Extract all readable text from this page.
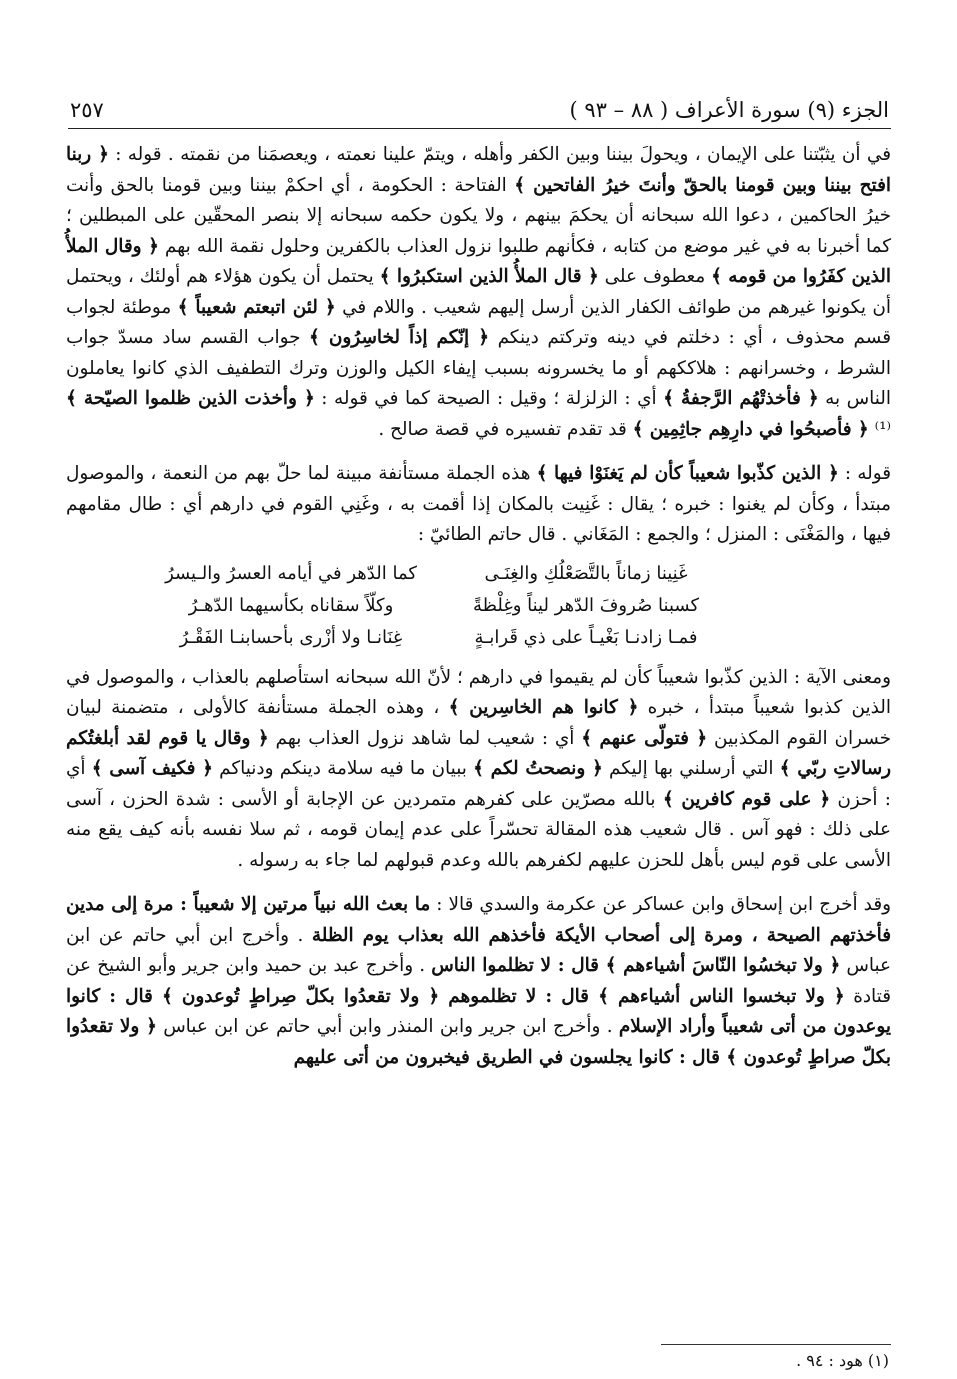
الجزء (٩) سورة الأعراف ( ٨٨ – ٩٣ )
٢٥٧

في أن يثبّتنا على الإيمان ، ويحولَ بيننا وبين الكفر وأهله ، ويتمّ علينا نعمته ، ويعصمَنا من نقمته . قوله : ﴿ ربنا افتح بيننا وبين قومنا بالحقّ وأنتَ خيرُ الفاتحين ﴾ الفتاحة : الحكومة ، أي احكمْ بيننا وبين قومنا بالحق وأنت خيرُ الحاكمين ، دعوا الله سبحانه أن يحكمَ بينهم ، ولا يكون حكمه سبحانه إلا بنصر المحقّين على المبطلين ؛ كما أخبرنا به في غير موضع من كتابه ، فكأنهم طلبوا نزول العذاب بالكفرين وحلول نقمة الله بهم ﴿ وقال الملأُ الذين كفَرُوا من قومه ﴾ معطوف على ﴿ قال الملأُ الذين استكبرُوا ﴾ يحتمل أن يكون هؤلاء هم أولئك ، ويحتمل أن يكونوا غيرهم من طوائف الكفار الذين أرسل إليهم شعيب . واللام في ﴿ لئن اتبعتم شعيباً ﴾ موطئة لجواب قسم محذوف ، أي : دخلتم في دينه وتركتم دينكم ﴿ إنّكم إذاً لخاسِرُون ﴾ جواب القسم ساد مسدّ جواب الشرط ، وخسرانهم : هلاككهم أو ما يخسرونه بسبب إيفاء الكيل والوزن وترك التطفيف الذي كانوا يعاملون الناس به ﴿ فأخذتْهُم الرَّجفةُ ﴾ أي : الزلزلة ؛ وقيل : الصيحة كما في قوله : ﴿ وأخذت الذين ظلموا الصيّحة ﴾⁽¹⁾ ﴿ فأصبحُوا في دارِهِم جاثِمِين ﴾ قد تقدم تفسيره في قصة صالح .

قوله : ﴿ الذين كذّبوا شعيباً كأن لم يَغنَوْا فيها ﴾ هذه الجملة مستأنفة مبينة لما حلّ بهم من النعمة ، والموصول مبتدأ ، وكأن لم يغنوا : خبره ؛ يقال : غَنِيت بالمكان إذا أقمت به ، وغَنِي القوم في دارهم أي : طال مقامهم فيها ، والمَغْنَى : المنزل ؛ والجمع : المَغَاني . قال حاتم الطائيّ :

غَنِينا زماناً بالتَّصَعْلُكِ والغِنَـى
كما الدّهر في أيامه العسرُ والـيسرُ
كسبنا صُروفَ الدّهر ليناً وغِلْظةً
وكلّاً سقاناه بكأسيهما الدّهـرُ
فمـا زادنـا بَغْيـاً على ذي قَرابـةٍ
غِنَانـا ولا أزْرى بأحسابنـا الفَقْـرُ

ومعنى الآية : الذين كذّبوا شعيباً كأن لم يقيموا في دارهم ؛ لأنّ الله سبحانه استأصلهم بالعذاب ، والموصول في الذين كذبوا شعيباً مبتدأ ، خبره ﴿ كانوا هم الخاسِرين ﴾ ، وهذه الجملة مستأنفة كالأولى ، متضمنة لبيان خسران القوم المكذبين ﴿ فتولّى عنهم ﴾ أي : شعيب لما شاهد نزول العذاب بهم ﴿ وقال يا قوم لقد أبلغتُكم رسالاتِ ربّي ﴾ التي أرسلني بها إليكم ﴿ ونصحتُ لكم ﴾ ببيان ما فيه سلامة دينكم ودنياكم ﴿ فكيف آسى ﴾ أي : أحزن ﴿ على قوم كافرين ﴾ بالله مصرّين على كفرهم متمردين عن الإجابة أو الأسى : شدة الحزن ، آسى على ذلك : فهو آس . قال شعيب هذه المقالة تحسّراً على عدم إيمان قومه ، ثم سلا نفسه بأنه كيف يقع منه الأسى على قوم ليس بأهل للحزن عليهم لكفرهم بالله وعدم قبولهم لما جاء به رسوله .

وقد أخرج ابن إسحاق وابن عساكر عن عكرمة والسدي قالا : ما بعث الله نبياً مرتين إلا شعيباً : مرة إلى مدين فأخذتهم الصيحة ، ومرة إلى أصحاب الأيكة فأخذهم الله بعذاب يوم الظلة . وأخرج ابن أبي حاتم عن ابن عباس ﴿ ولا تبخسُوا النّاسَ أشياءهم ﴾ قال : لا تظلموا الناس . وأخرج عبد بن حميد وابن جرير وأبو الشيخ عن قتادة ﴿ ولا تبخسوا الناس أشياءهم ﴾ قال : لا تظلموهم ﴿ ولا تقعدُوا بكلّ صِراطٍ تُوعدون ﴾ قال : كانوا يوعدون من أتى شعيباً وأراد الإسلام . وأخرج ابن جرير وابن المنذر وابن أبي حاتم عن ابن عباس ﴿ ولا تقعدُوا بكلّ صراطٍ تُوعدون ﴾ قال : كانوا يجلسون في الطريق فيخبرون من أتى عليهم

(١) هود : ٩٤ .
